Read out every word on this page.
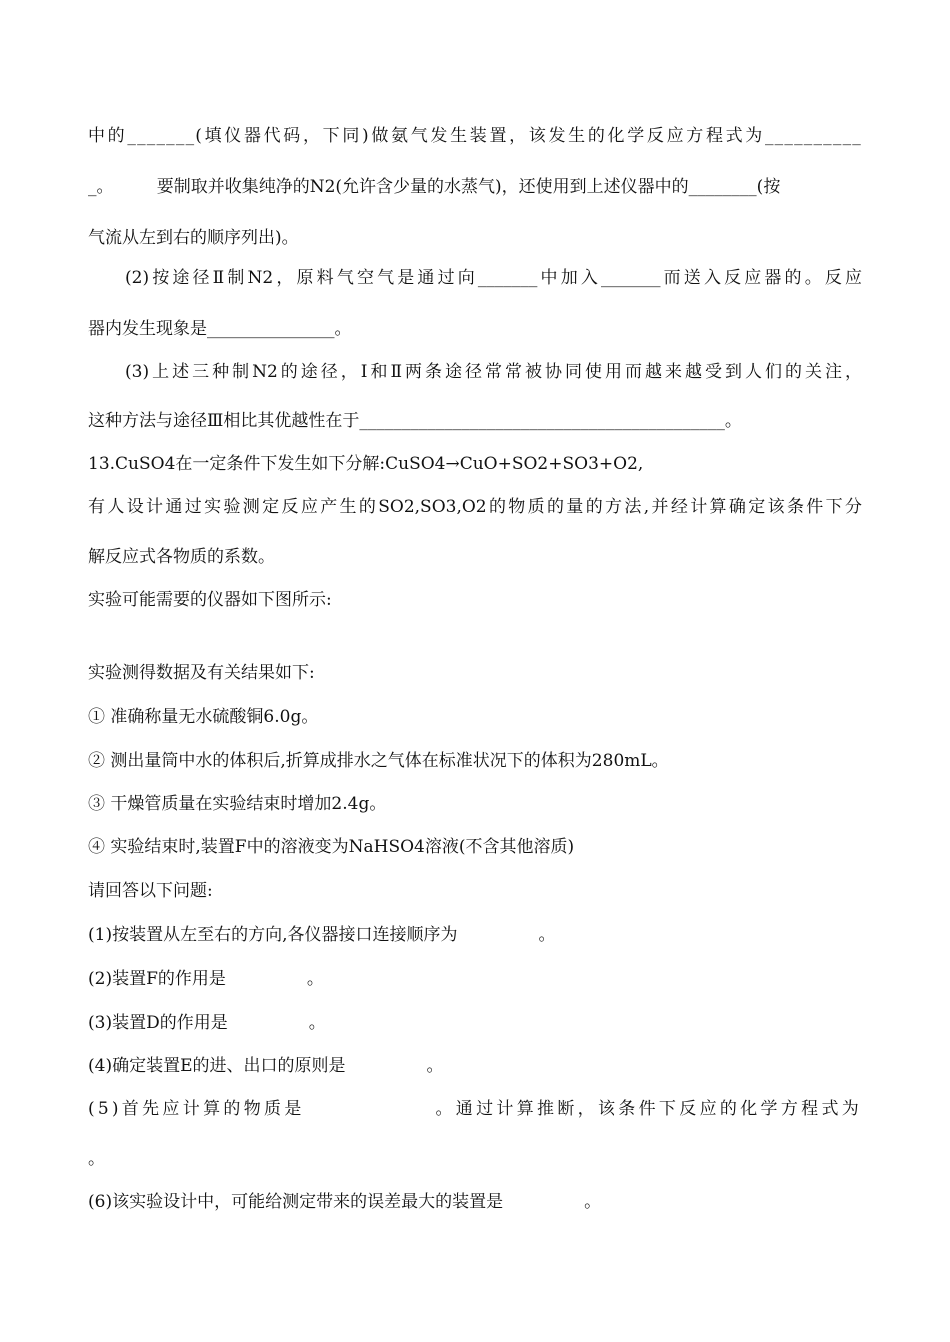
中的_______(填仪器代码，下同)做氨气发生装置，该发生的化学反应方程式为__________
_。        要制取并收集纯净的N2(允许含少量的水蒸气)，还使用到上述仪器中的________(按
气流从左到右的顺序列出)。
(2)按途径Ⅱ制N2，原料气空气是通过向_______中加入_______而送入反应器的。反应
器内发生现象是_______________。
(3)上述三种制N2的途径，Ⅰ和Ⅱ两条途径常常被协同使用而越来越受到人们的关注，
这种方法与途径Ⅲ相比其优越性在于___________________________________________。
13.CuSO4在一定条件下发生如下分解:CuSO4→CuO+SO2+SO3+O2,
有人设计通过实验测定反应产生的SO2,SO3,O2的物质的量的方法,并经计算确定该条件下分
解反应式各物质的系数。
实验可能需要的仪器如下图所示:
实验测得数据及有关结果如下:
① 准确称量无水硫酸铜6.0g。
② 测出量筒中水的体积后,折算成排水之气体在标准状况下的体积为280mL。
③ 干燥管质量在实验结束时增加2.4g。
④ 实验结束时,装置F中的溶液变为NaHSO4溶液(不含其他溶质)
请回答以下问题:
(1)按装置从左至右的方向,各仪器接口连接顺序为               。
(2)装置F的作用是               。
(3)装置D的作用是               。
(4)确定装置E的进、出口的原则是               。
(5)首先应计算的物质是               。通过计算推断，该条件下反应的化学方程式为
。
(6)该实验设计中，可能给测定带来的误差最大的装置是               。
